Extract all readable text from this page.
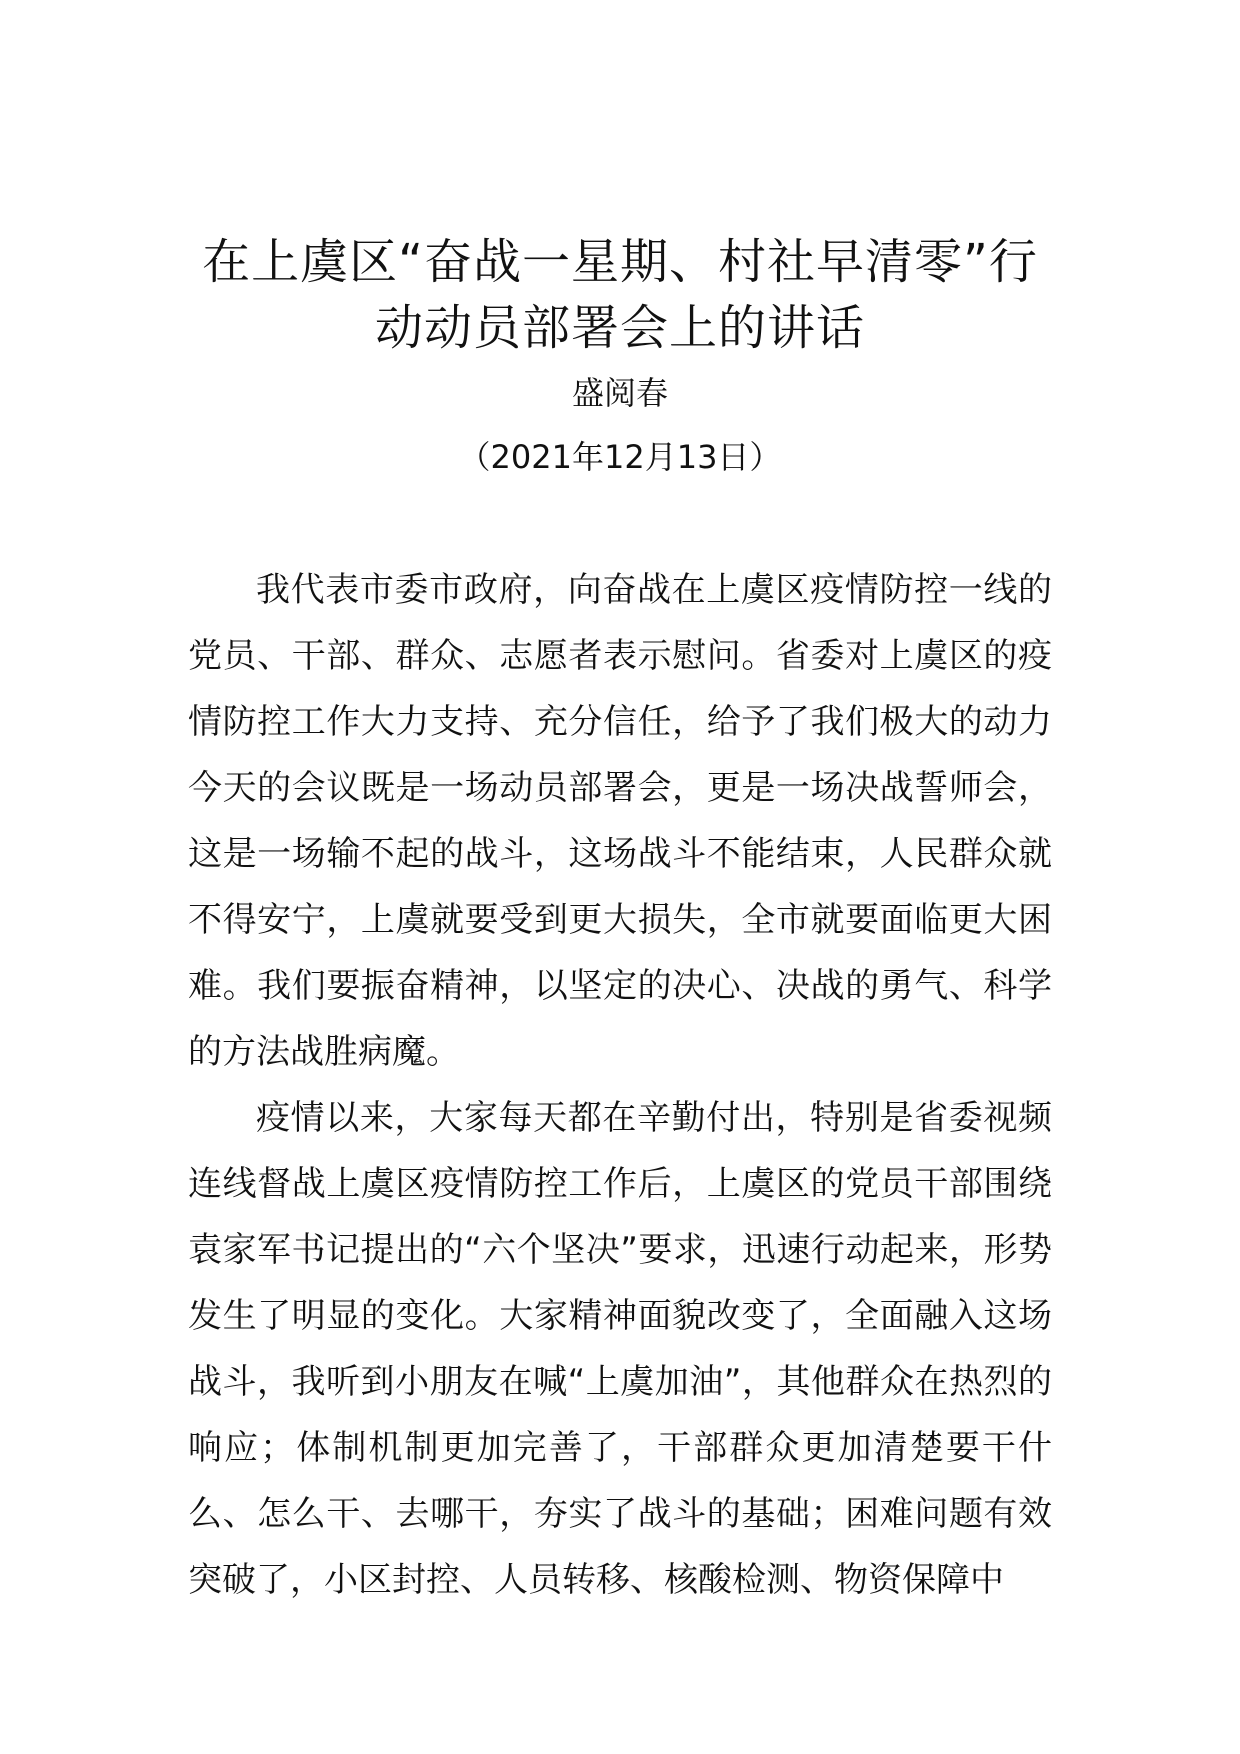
在上虞区“奋战一星期、村社早清零”行
动动员部署会上的讲话
盛阅春
（2021年12月13日）

我代表市委市政府，向奋战在上虞区疫情防控一线的党员、干部、群众、志愿者表示慰问。省委对上虞区的疫情防控工作大力支持、充分信任，给予了我们极大的动力今天的会议既是一场动员部署会，更是一场决战誓师会，这是一场输不起的战斗，这场战斗不能结束，人民群众就不得安宁，上虞就要受到更大损失，全市就要面临更大困难。我们要振奋精神，以坚定的决心、决战的勇气、科学的方法战胜病魔。

疫情以来，大家每天都在辛勤付出，特别是省委视频连线督战上虞区疫情防控工作后，上虞区的党员干部围绕袁家军书记提出的“六个坚决”要求，迅速行动起来，形势发生了明显的变化。大家精神面貌改变了，全面融入这场战斗，我听到小朋友在喊“上虞加油”，其他群众在热烈的响应；体制机制更加完善了，干部群众更加清楚要干什么、怎么干、去哪干，夯实了战斗的基础；困难问题有效突破了，小区封控、人员转移、核酸检测、物资保障中
